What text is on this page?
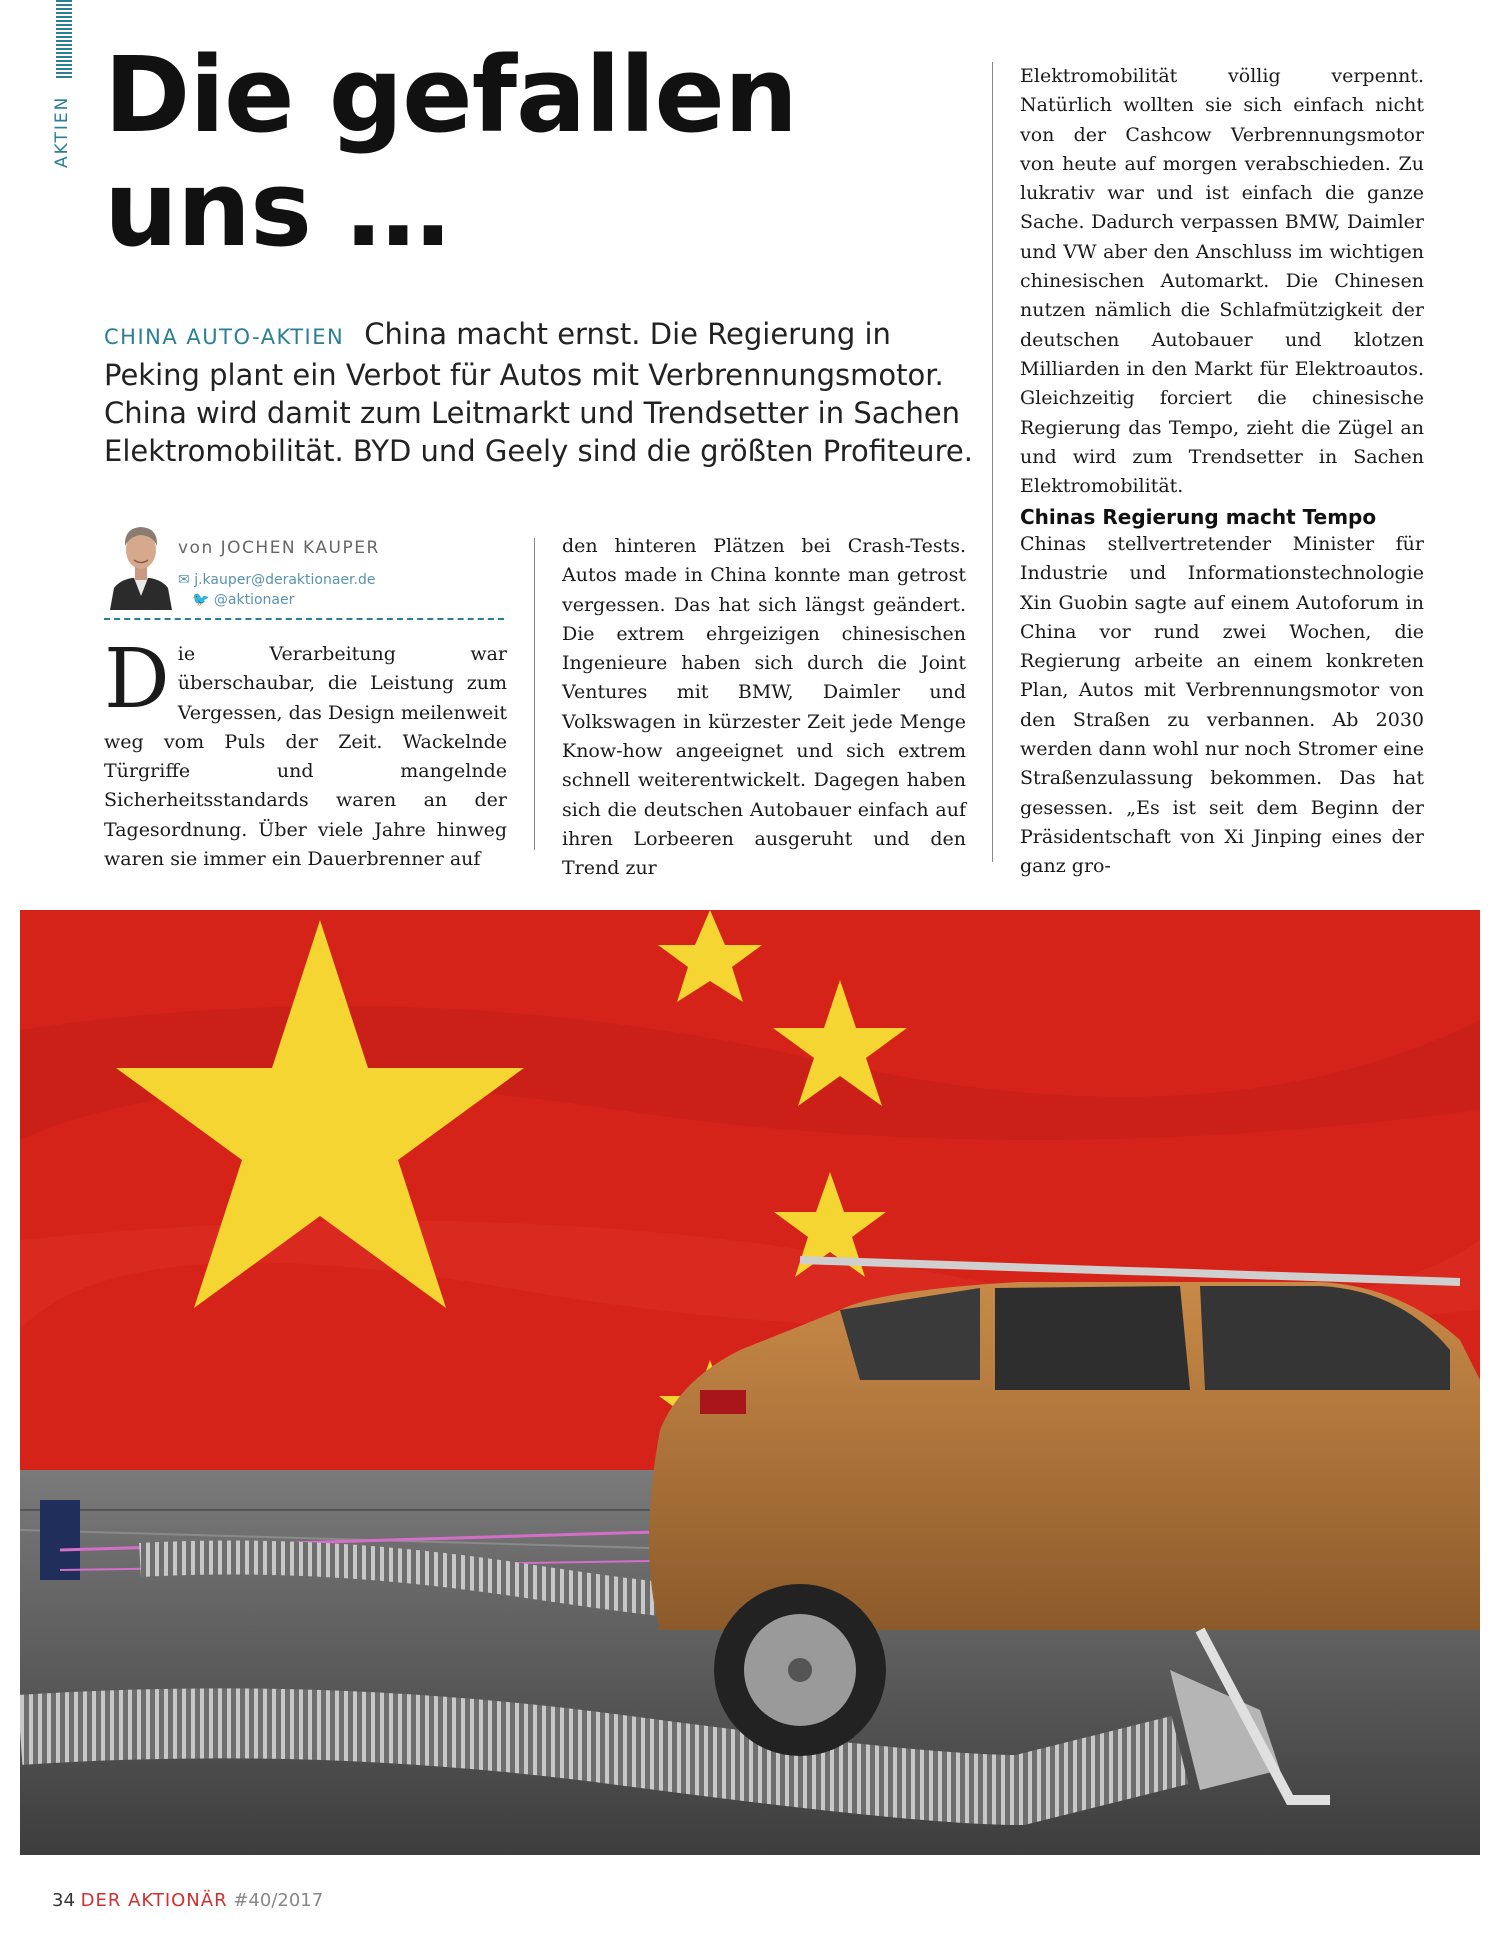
AKTIEN Die gefallen uns …

CHINA AUTO-AKTIEN China macht ernst. Die Regierung in Peking plant ein Verbot für Autos mit Verbrennungsmotor. China wird damit zum Leitmarkt und Trendsetter in Sachen Elektromobilität. BYD und Geely sind die größten Profiteure.

von JOCHEN KAUPER
✉ j.kauper@deraktionaer.de
🐦 @aktionaer

Die Verarbeitung war überschaubar, die Leistung zum Vergessen, das Design meilenweit weg vom Puls der Zeit. Wackelnde Türgriffe und mangelnde Sicherheitsstandards waren an der Tagesordnung. Über viele Jahre hinweg waren sie immer ein Dauerbrenner auf

den hinteren Plätzen bei Crash-Tests. Autos made in China konnte man getrost vergessen. Das hat sich längst geändert. Die extrem ehrgeizigen chinesischen Ingenieure haben sich durch die Joint Ventures mit BMW, Daimler und Volkswagen in kürzester Zeit jede Menge Know-how angeeignet und sich extrem schnell weiterentwickelt. Dagegen haben sich die deutschen Autobauer einfach auf ihren Lorbeeren ausgeruht und den Trend zur

Elektromobilität völlig verpennt. Natürlich wollten sie sich einfach nicht von der Cashcow Verbrennungsmotor von heute auf morgen verabschieden. Zu lukrativ war und ist einfach die ganze Sache. Dadurch verpassen BMW, Daimler und VW aber den Anschluss im wichtigen chinesischen Automarkt. Die Chinesen nutzen nämlich die Schlafmützigkeit der deutschen Autobauer und klotzen Milliarden in den Markt für Elektroautos. Gleichzeitig forciert die chinesische Regierung das Tempo, zieht die Zügel an und wird zum Trendsetter in Sachen Elektromobilität.

Chinas Regierung macht Tempo

Chinas stellvertretender Minister für Industrie und Informationstechnologie Xin Guobin sagte auf einem Autoforum in China vor rund zwei Wochen, die Regierung arbeite an einem konkreten Plan, Autos mit Verbrennungsmotor von den Straßen zu verbannen. Ab 2030 werden dann wohl nur noch Stromer eine Straßenzulassung bekommen. Das hat gesessen. „Es ist seit dem Beginn der Präsidentschaft von Xi Jinping eines der ganz gro-

34 DER AKTIONÄR #40/2017
